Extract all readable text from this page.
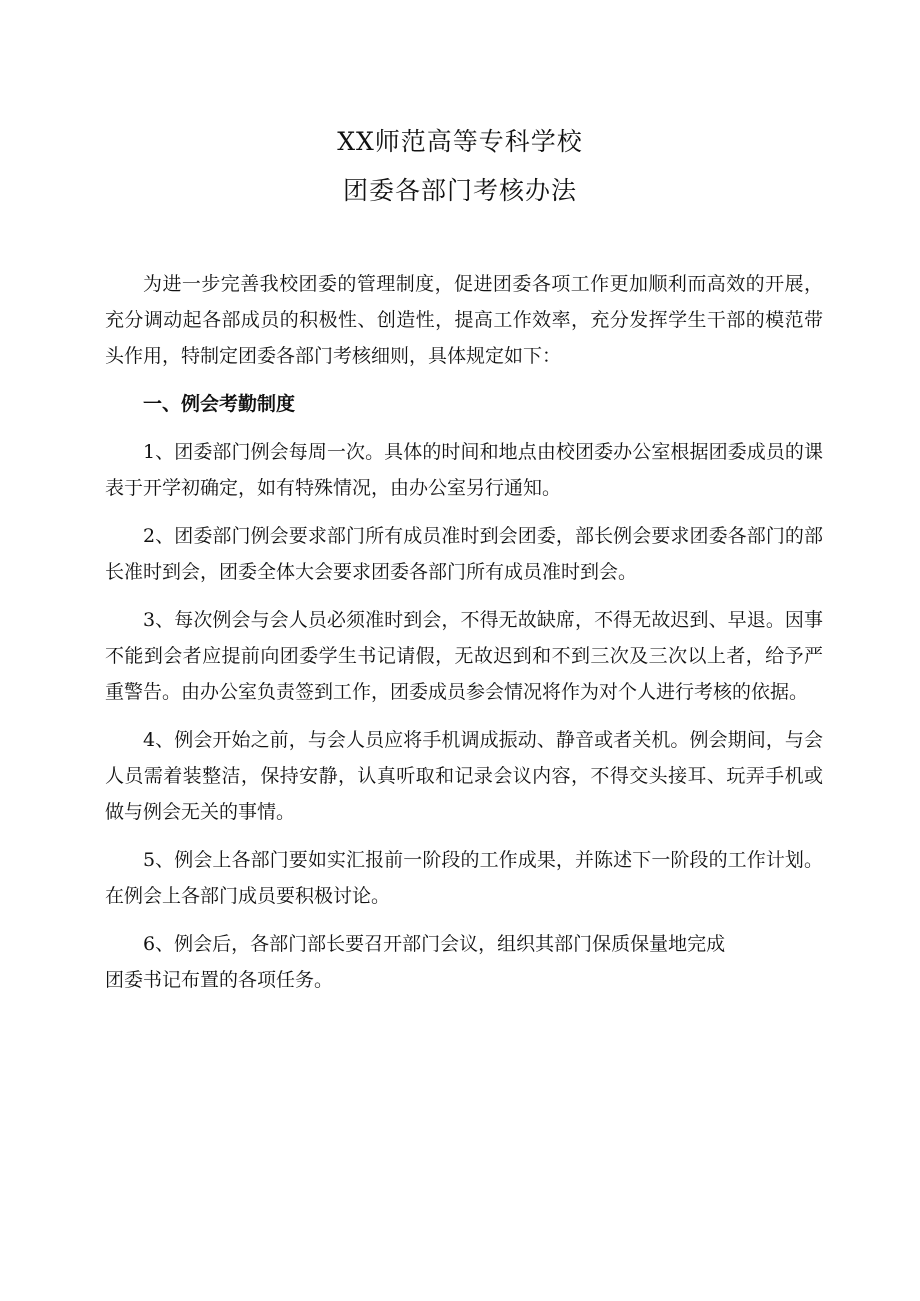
XX师范高等专科学校
团委各部门考核办法

为进一步完善我校团委的管理制度，促进团委各项工作更加顺利而高效的开展，充分调动起各部成员的积极性、创造性，提高工作效率，充分发挥学生干部的模范带头作用，特制定团委各部门考核细则，具体规定如下：

一、例会考勤制度

1、团委部门例会每周一次。具体的时间和地点由校团委办公室根据团委成员的课表于开学初确定，如有特殊情况，由办公室另行通知。

2、团委部门例会要求部门所有成员准时到会团委，部长例会要求团委各部门的部长准时到会，团委全体大会要求团委各部门所有成员准时到会。

3、每次例会与会人员必须准时到会，不得无故缺席，不得无故迟到、早退。因事不能到会者应提前向团委学生书记请假，无故迟到和不到三次及三次以上者，给予严重警告。由办公室负责签到工作，团委成员参会情况将作为对个人进行考核的依据。

4、例会开始之前，与会人员应将手机调成振动、静音或者关机。例会期间，与会人员需着装整洁，保持安静，认真听取和记录会议内容，不得交头接耳、玩弄手机或做与例会无关的事情。

5、例会上各部门要如实汇报前一阶段的工作成果，并陈述下一阶段的工作计划。在例会上各部门成员要积极讨论。

6、例会后，各部门部长要召开部门会议，组织其部门保质保量地完成
团委书记布置的各项任务。
